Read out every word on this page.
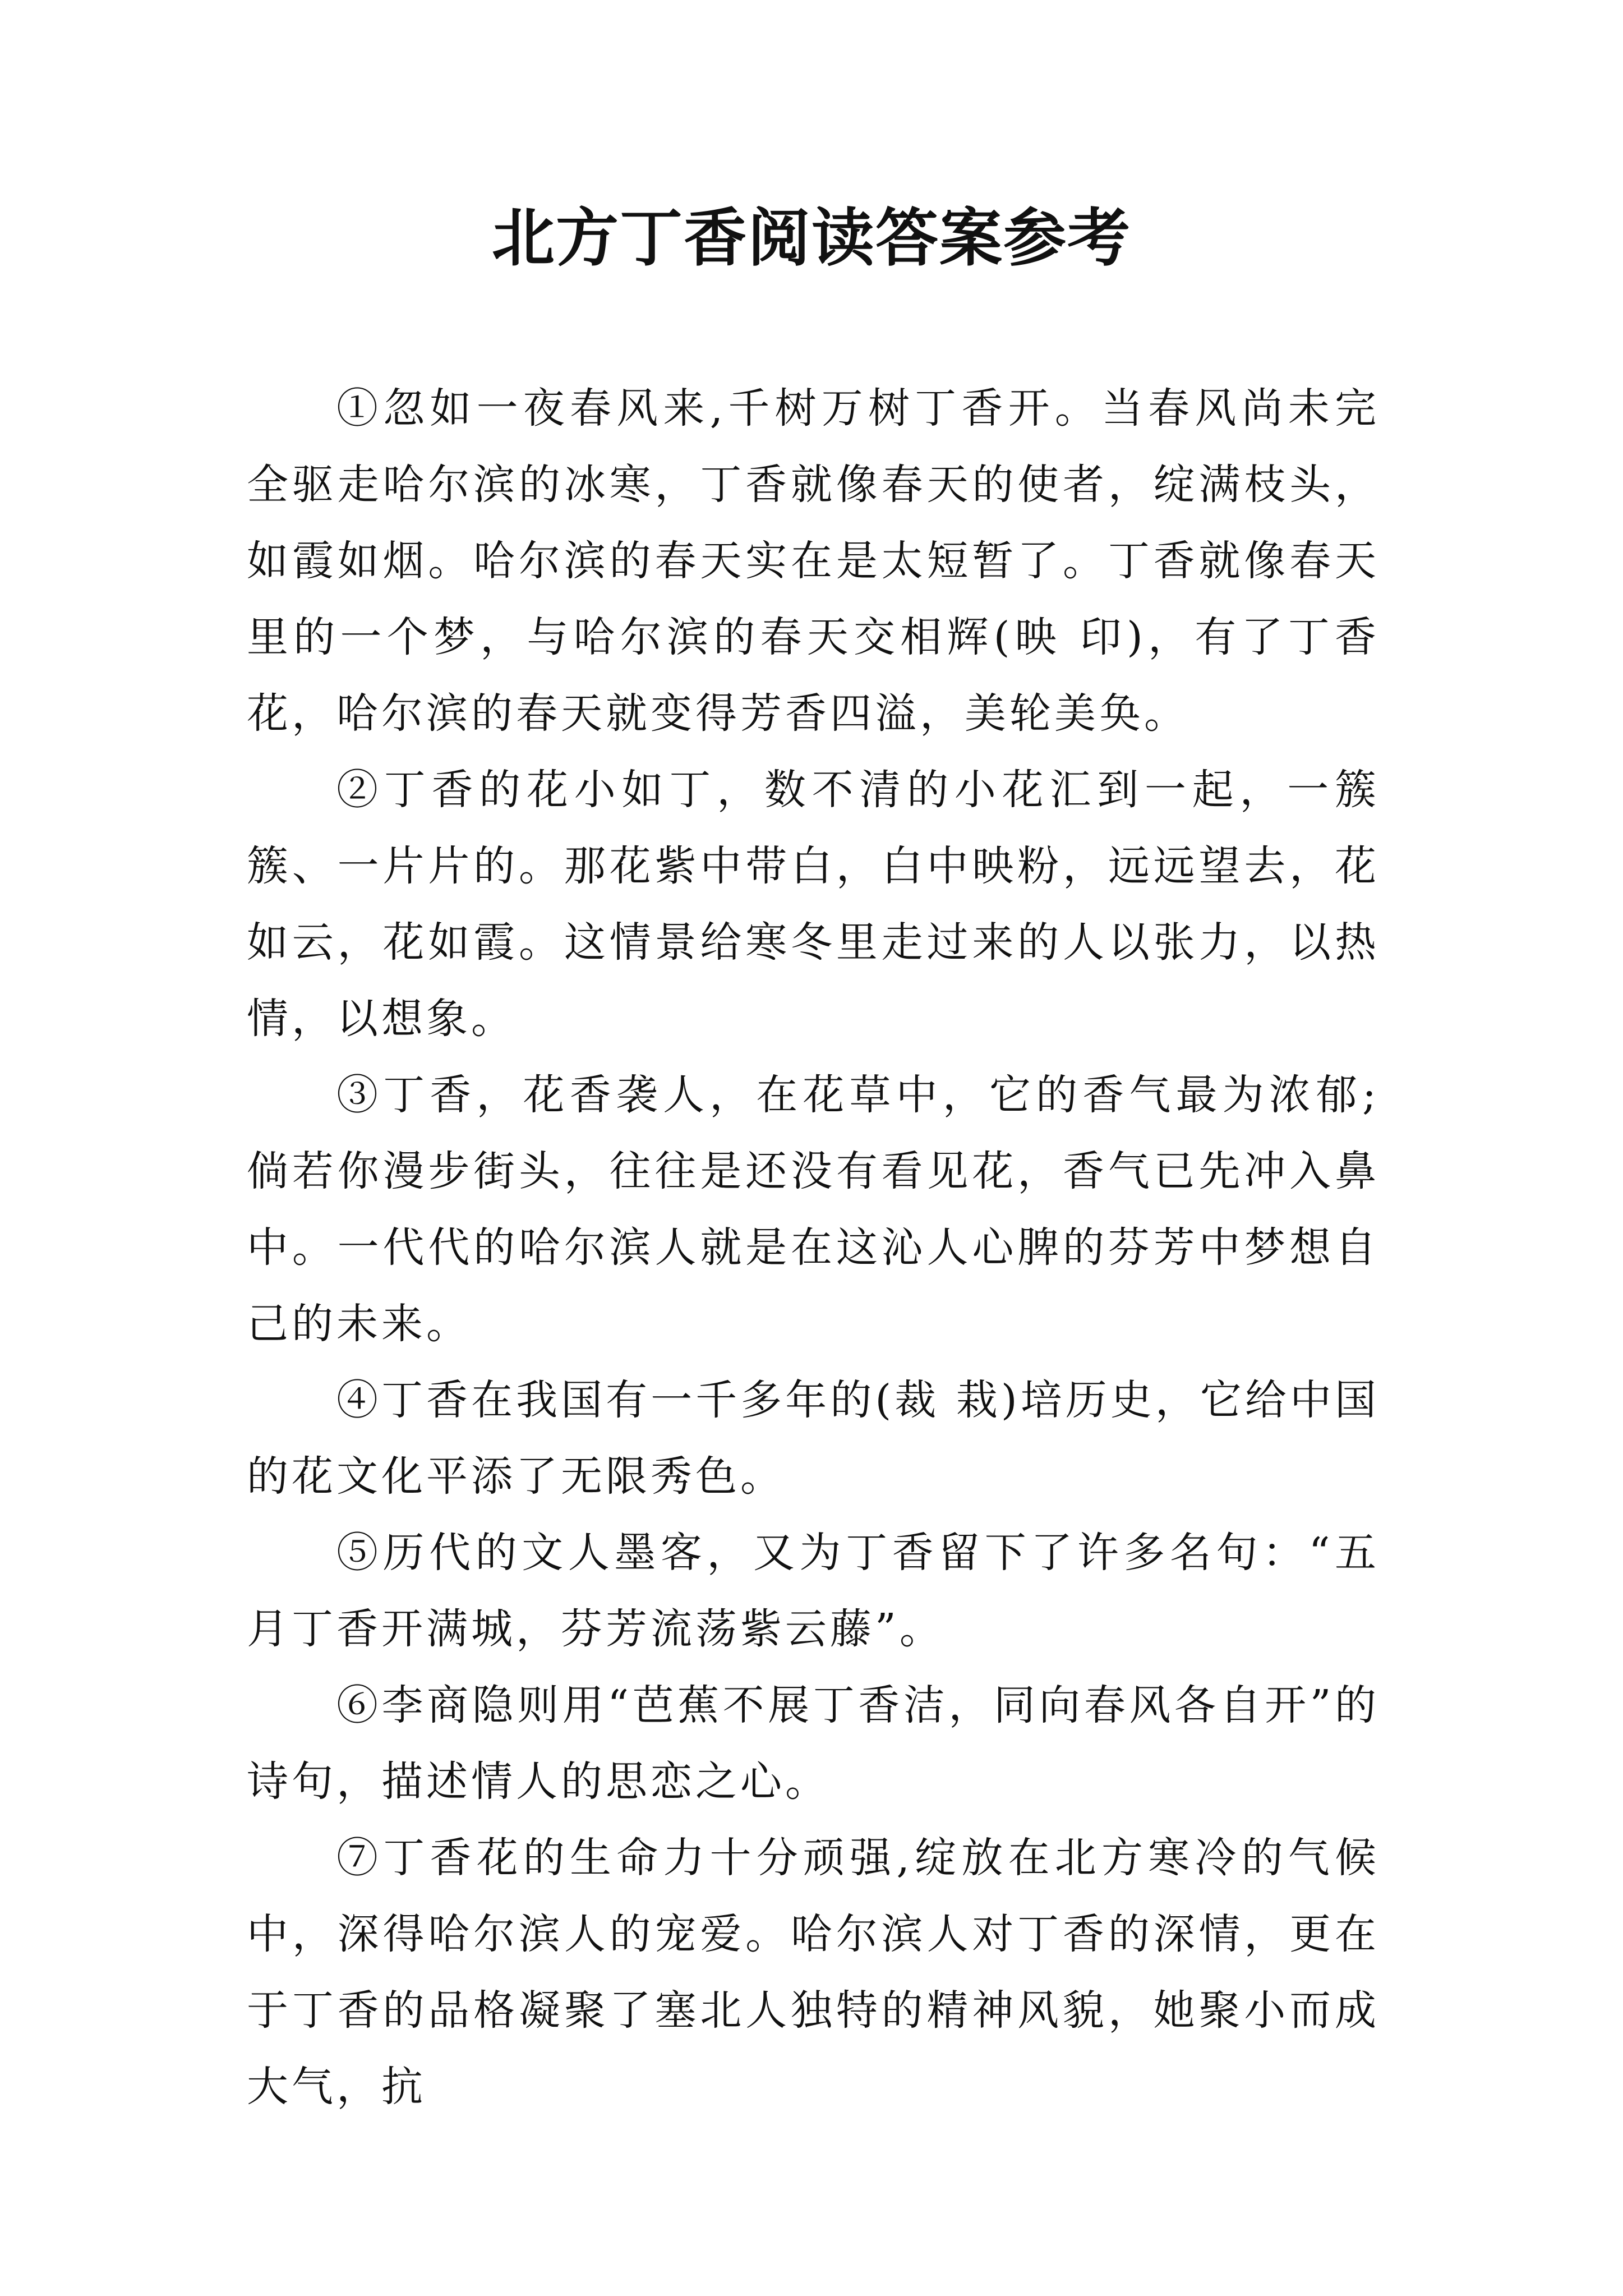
北方丁香阅读答案参考

①忽如一夜春风来,千树万树丁香开。当春风尚未完全驱走哈尔滨的冰寒，丁香就像春天的使者，绽满枝头，如霞如烟。哈尔滨的春天实在是太短暂了。丁香就像春天里的一个梦，与哈尔滨的春天交相辉(映 印)，有了丁香花，哈尔滨的春天就变得芳香四溢，美轮美奂。

②丁香的花小如丁，数不清的小花汇到一起，一簇簇、一片片的。那花紫中带白，白中映粉，远远望去，花如云，花如霞。这情景给寒冬里走过来的人以张力，以热情，以想象。

③丁香，花香袭人，在花草中，它的香气最为浓郁;倘若你漫步街头，往往是还没有看见花，香气已先冲入鼻中。一代代的哈尔滨人就是在这沁人心脾的芬芳中梦想自己的未来。

④丁香在我国有一千多年的(裁 栽)培历史，它给中国的花文化平添了无限秀色。

⑤历代的文人墨客，又为丁香留下了许多名句：“五月丁香开满城，芬芳流荡紫云藤”。

⑥李商隐则用“芭蕉不展丁香洁，同向春风各自开”的诗句，描述情人的思恋之心。

⑦丁香花的生命力十分顽强,绽放在北方寒冷的气候中，深得哈尔滨人的宠爱。哈尔滨人对丁香的深情，更在于丁香的品格凝聚了塞北人独特的精神风貌，她聚小而成大气，抗
